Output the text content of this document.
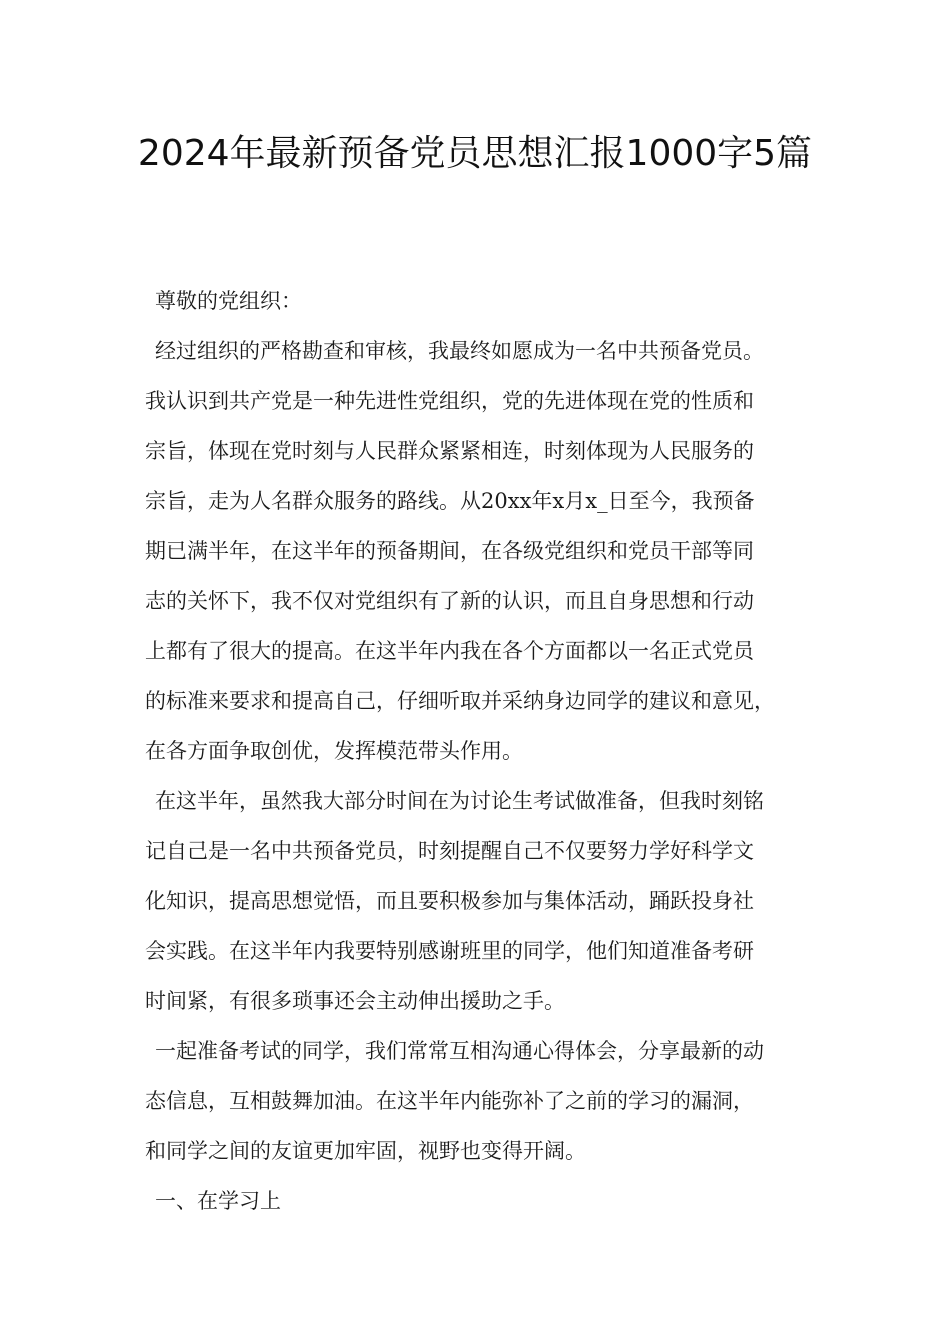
2024年最新预备党员思想汇报1000字5篇

尊敬的党组织：

经过组织的严格勘查和审核，我最终如愿成为一名中共预备党员。

我认识到共产党是一种先进性党组织，党的先进体现在党的性质和

宗旨，体现在党时刻与人民群众紧紧相连，时刻体现为人民服务的

宗旨，走为人名群众服务的路线。从20xx年x月x_日至今，我预备

期已满半年，在这半年的预备期间，在各级党组织和党员干部等同

志的关怀下，我不仅对党组织有了新的认识，而且自身思想和行动

上都有了很大的提高。在这半年内我在各个方面都以一名正式党员

的标准来要求和提高自己，仔细听取并采纳身边同学的建议和意见，

在各方面争取创优，发挥模范带头作用。

在这半年，虽然我大部分时间在为讨论生考试做准备，但我时刻铭

记自己是一名中共预备党员，时刻提醒自己不仅要努力学好科学文

化知识，提高思想觉悟，而且要积极参加与集体活动，踊跃投身社

会实践。在这半年内我要特别感谢班里的同学，他们知道准备考研

时间紧，有很多琐事还会主动伸出援助之手。

一起准备考试的同学，我们常常互相沟通心得体会，分享最新的动

态信息，互相鼓舞加油。在这半年内能弥补了之前的学习的漏洞，

和同学之间的友谊更加牢固，视野也变得开阔。

一、在学习上
